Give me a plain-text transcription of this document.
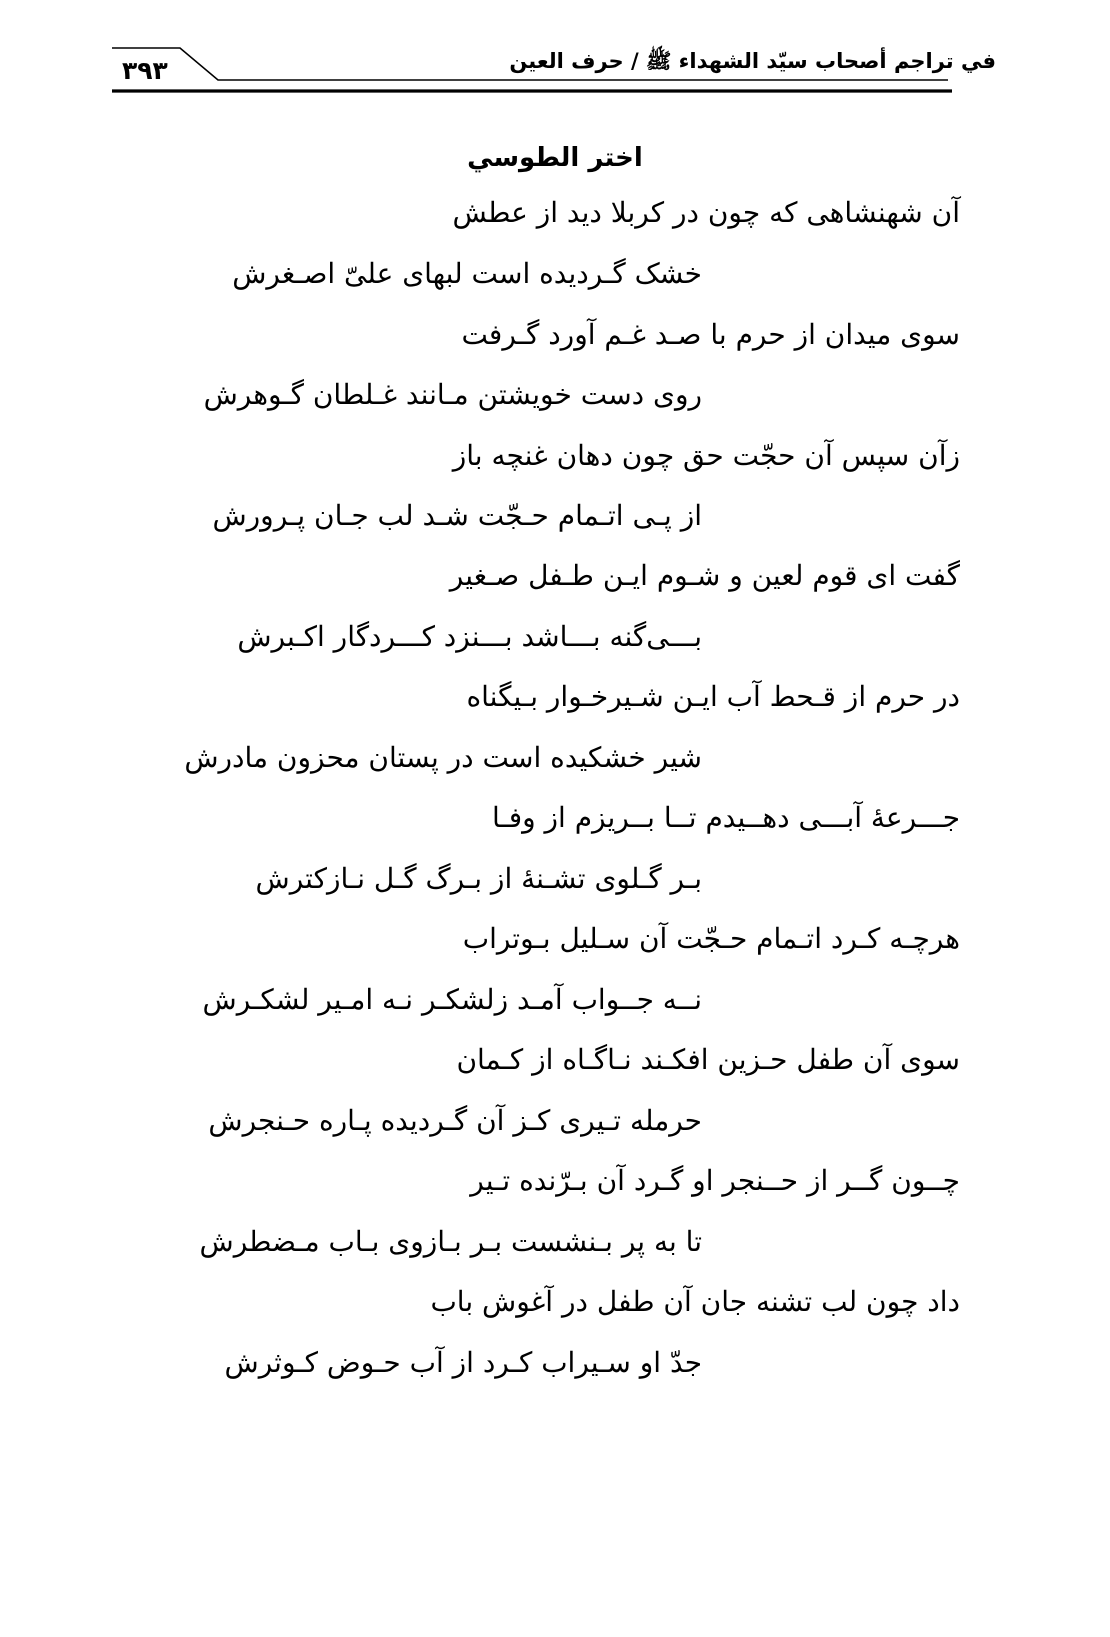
٣٩٣	في تراجم أصحاب سيّد الشهداء ﷺ / حرف العين
اختر الطوسي
آن شهنشاهی که چون در کربلا دید از عطش
خشک گـردیده است لبهای علیّ اصـغرش
سوی میدان از حرم با صـد غـم آورد گـرفت
روی دست خویشتن مـانند غـلطان گـوهرش
زآن سپس آن حجّت حق چون دهان غنچه باز
از پـی اتـمام حـجّت شـد لب جـان پـرورش
گفت ای قوم لعین و شـوم ایـن طـفل صـغیر
بـــی‌گنه بـــاشد بـــنزد کـــردگار اکـبرش
در حرم از قـحط آب ایـن شـیرخـوار بـیگناه
شیر خشکیده است در پستان محزون مادرش
جـــرعهٔ آبـــی دهــیدم تــا بــریزم از وفـا
بـر گـلوی تشـنهٔ از بـرگ گـل نـازکترش
هرچـه کـرد اتـمام حـجّت آن سـلیل بـوتراب
نــه جــواب آمـد زلشکـر نـه امـیر لشکـرش
سوی آن طفل حـزین افکـند نـاگـاه از کـمان
حرمله تـیری کـز آن گـردیده پـاره حـنجرش
چــون گــر از حــنجر او گـرد آن بـرّنده تـیر
تا به پر بـنشست بـر بـازوی بـاب مـضطرش
داد چون لب تشنه جان آن طفل در آغوش باب
جدّ او سـیراب کـرد از آب حـوض کـوثرش
